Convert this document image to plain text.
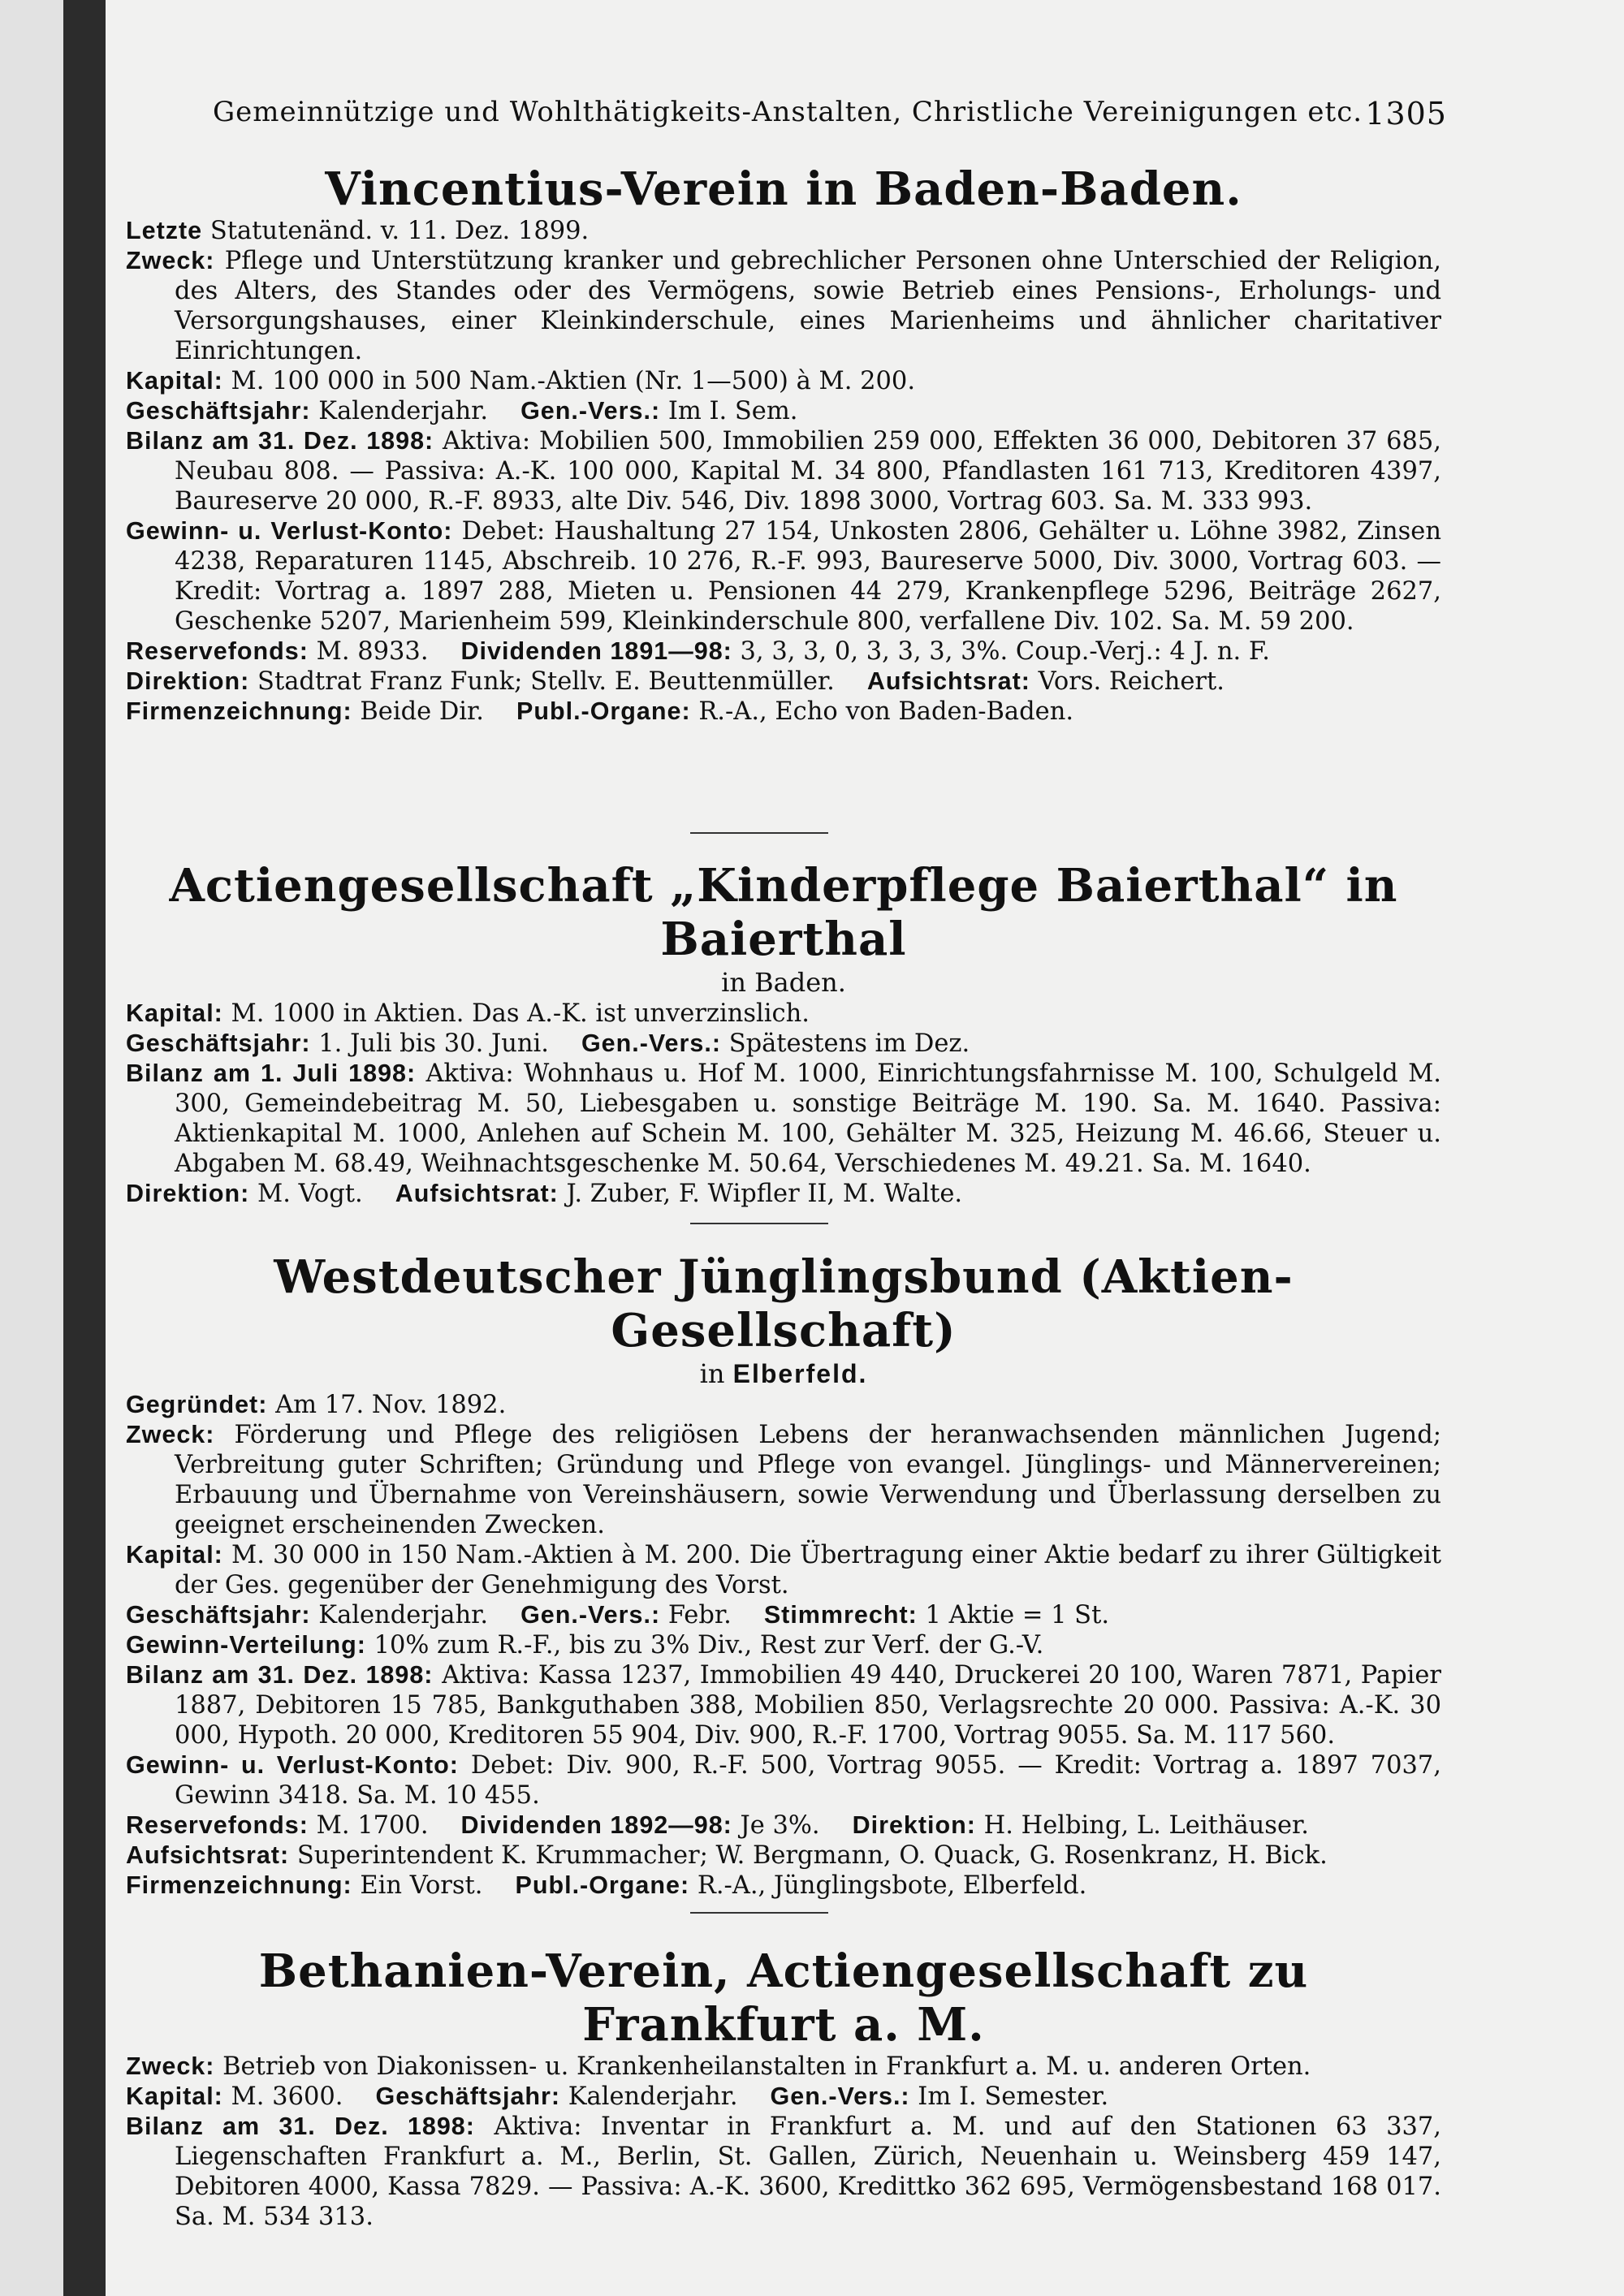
Gemeinnützige und Wohlthätigkeits-Anstalten, Christliche Vereinigungen etc. 1305
Vincentius-Verein in Baden-Baden.
Letzte Statutenänd. v. 11. Dez. 1899.
Zweck: Pflege und Unterstützung kranker und gebrechlicher Personen ohne Unterschied der Religion, des Alters, des Standes oder des Vermögens, sowie Betrieb eines Pensions-, Erholungs- und Versorgungshauses, einer Kleinkinderschule, eines Marienheims und ähnlicher charitativer Einrichtungen.
Kapital: M. 100 000 in 500 Nam.-Aktien (Nr. 1—500) à M. 200.
Geschäftsjahr: Kalenderjahr. Gen.-Vers.: Im I. Sem.
Bilanz am 31. Dez. 1898: Aktiva: Mobilien 500, Immobilien 259 000, Effekten 36 000, Debitoren 37 685, Neubau 808. — Passiva: A.-K. 100 000, Kapital M. 34 800, Pfandlasten 161 713, Kreditoren 4397, Baureserve 20 000, R.-F. 8933, alte Div. 546, Div. 1898 3000, Vortrag 603. Sa. M. 333 993.
Gewinn- u. Verlust-Konto: Debet: Haushaltung 27 154, Unkosten 2806, Gehälter u. Löhne 3982, Zinsen 4238, Reparaturen 1145, Abschreib. 10 276, R.-F. 993, Baureserve 5000, Div. 3000, Vortrag 603. — Kredit: Vortrag a. 1897 288, Mieten u. Pensionen 44 279, Krankenpflege 5296, Beiträge 2627, Geschenke 5207, Marienheim 599, Kleinkinderschule 800, verfallene Div. 102. Sa. M. 59 200.
Reservefonds: M. 8933. Dividenden 1891—98: 3, 3, 3, 0, 3, 3, 3, 3%. Coup.-Verj.: 4 J. n. F.
Direktion: Stadtrat Franz Funk; Stellv. E. Beuttenmüller. Aufsichtsrat: Vors. Reichert.
Firmenzeichnung: Beide Dir. Publ.-Organe: R.-A., Echo von Baden-Baden.
Actiengesellschaft „Kinderpflege Baierthal“ in Baierthal
in Baden.
Kapital: M. 1000 in Aktien. Das A.-K. ist unverzinslich.
Geschäftsjahr: 1. Juli bis 30. Juni. Gen.-Vers.: Spätestens im Dez.
Bilanz am 1. Juli 1898: Aktiva: Wohnhaus u. Hof M. 1000, Einrichtungsfahrnisse M. 100, Schulgeld M. 300, Gemeindebeitrag M. 50, Liebesgaben u. sonstige Beiträge M. 190. Sa. M. 1640. Passiva: Aktienkapital M. 1000, Anlehen auf Schein M. 100, Gehälter M. 325, Heizung M. 46.66, Steuer u. Abgaben M. 68.49, Weihnachtsgeschenke M. 50.64, Verschiedenes M. 49.21. Sa. M. 1640.
Direktion: M. Vogt. Aufsichtsrat: J. Zuber, F. Wipfler II, M. Walte.
Westdeutscher Jünglingsbund (Aktien-Gesellschaft)
in Elberfeld.
Gegründet: Am 17. Nov. 1892.
Zweck: Förderung und Pflege des religiösen Lebens der heranwachsenden männlichen Jugend; Verbreitung guter Schriften; Gründung und Pflege von evangel. Jünglings- und Männervereinen; Erbauung und Übernahme von Vereinshäusern, sowie Verwendung und Überlassung derselben zu geeignet erscheinenden Zwecken.
Kapital: M. 30 000 in 150 Nam.-Aktien à M. 200. Die Übertragung einer Aktie bedarf zu ihrer Gültigkeit der Ges. gegenüber der Genehmigung des Vorst.
Geschäftsjahr: Kalenderjahr. Gen.-Vers.: Febr. Stimmrecht: 1 Aktie = 1 St.
Gewinn-Verteilung: 10% zum R.-F., bis zu 3% Div., Rest zur Verf. der G.-V.
Bilanz am 31. Dez. 1898: Aktiva: Kassa 1237, Immobilien 49 440, Druckerei 20 100, Waren 7871, Papier 1887, Debitoren 15 785, Bankguthaben 388, Mobilien 850, Verlagsrechte 20 000. Passiva: A.-K. 30 000, Hypoth. 20 000, Kreditoren 55 904, Div. 900, R.-F. 1700, Vortrag 9055. Sa. M. 117 560.
Gewinn- u. Verlust-Konto: Debet: Div. 900, R.-F. 500, Vortrag 9055. — Kredit: Vortrag a. 1897 7037, Gewinn 3418. Sa. M. 10 455.
Reservefonds: M. 1700. Dividenden 1892—98: Je 3%. Direktion: H. Helbing, L. Leithäuser.
Aufsichtsrat: Superintendent K. Krummacher; W. Bergmann, O. Quack, G. Rosenkranz, H. Bick.
Firmenzeichnung: Ein Vorst. Publ.-Organe: R.-A., Jünglingsbote, Elberfeld.
Bethanien-Verein, Actiengesellschaft zu Frankfurt a. M.
Zweck: Betrieb von Diakonissen- u. Krankenheilanstalten in Frankfurt a. M. u. anderen Orten.
Kapital: M. 3600. Geschäftsjahr: Kalenderjahr. Gen.-Vers.: Im I. Semester.
Bilanz am 31. Dez. 1898: Aktiva: Inventar in Frankfurt a. M. und auf den Stationen 63 337, Liegenschaften Frankfurt a. M., Berlin, St. Gallen, Zürich, Neuenhain u. Weinsberg 459 147, Debitoren 4000, Kassa 7829. — Passiva: A.-K. 3600, Kredittko 362 695, Vermögensbestand 168 017. Sa. M. 534 313.
